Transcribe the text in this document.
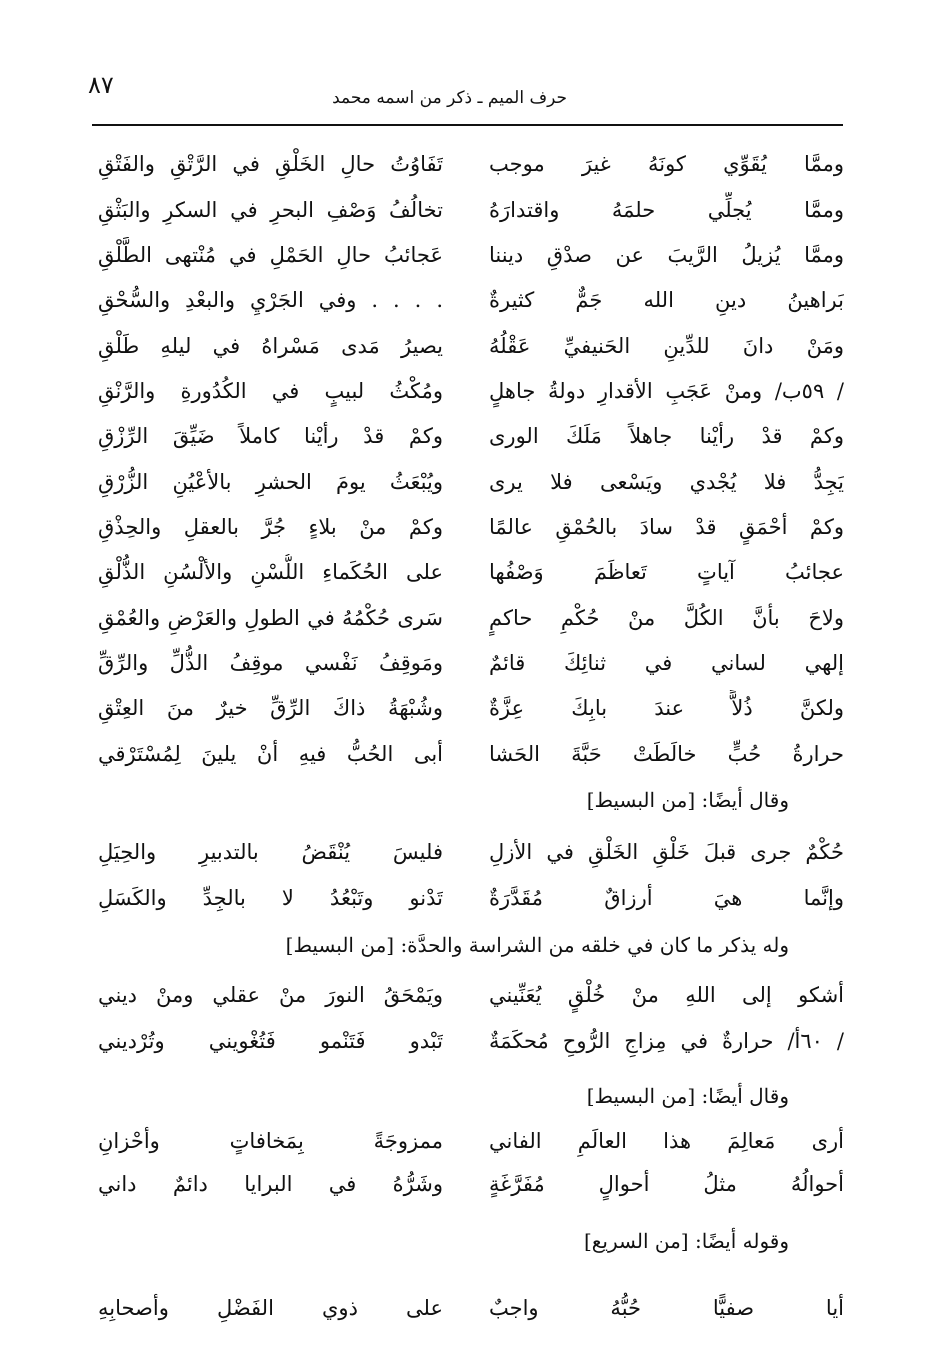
٨٧	حرف الميم ـ ذكر من اسمه محمد
وممَّا يُقَوِّي كونَهُ غيرَ موجب
تَفَاوُتُ حالِ الخَلْقِ في الرَّتْقِ والفَتْقِ
وممَّا يُجلِّي حلمَهُ واقتدارَهُ
تخالُفُ وَصْفِ البحرِ في السكرِ والبَثْقِ
وممَّا يُزيلُ الرَّيبَ عن صدْقِ ديننا
عَجائبُ حالِ الحَمْلِ في مُنْتهى الطَّلْقِ
بَراهينُ دينِ الله جَمٌّ كثيرةٌ
. . . . وفي الجَرْيِ والبعْدِ والسُّحْقِ
ومَنْ دانَ للدِّينِ الحَنيفيِّ عَقْلُهُ
يصيرُ مَدى مَسْراهُ في ليلهِ طَلْقِ
/ ٥٩ب/ ومنْ عَجَبِ الأقدارِ دولةُ جاهلٍ
ومُكْثُ لبيبٍ في الكُدُورةِ والرَّنْقِ
وكمْ قدْ رأيْنا جاهلاً مَلَكَ الورى
وكمْ قدْ رأيْنا كاملاً ضَيِّقَ الرِّزْقِ
يَجِدُّ فلا يُجْدي ويَسْعى فلا يرى
ويُبْعَثُ يومَ الحشرِ بالأعْيُنِ الزُّرْقِ
وكمْ أحْمَقٍ قدْ سادَ بالحُمْقِ عالمًا
وكمْ منْ بلاءٍ جُرَّ بالعقلِ والحِذْقِ
عجائبُ آياتٍ تَعاظَمَ وَصْفُها
على الحُكَماءِ اللُّسْنِ والألْسُنِ الذُّلْقِ
ولاحَ بأنَّ الكُلَّ منْ حُكْمِ حاكمٍ
سَرى حُكْمُهُ في الطولِ والعَرْضِ والعُمْقِ
إلهي لساني في ثنائِكَ قائمٌ
ومَوقِفُ نَفْسي موقِفُ الذُّلِّ والرِّقِّ
ولكنَّ ذُلاًّ عندَ بابِكَ عِزَّةٌ
وشُبْهَةُ ذاكَ الرِّقِّ خيرٌ منَ العِتْقِ
حرارةُ حُبٍّ خالَطَتْ حَبَّةَ الحَشا
أبى الحُبُّ فيهِ أنْ يلينَ لِمُسْتَرْقي
وقال أيضًا: [من البسيط]
حُكْمٌ جرى قبلَ خَلْقِ الخَلْقِ في الأزلِ
فليسَ يُنْقَضُ بالتدبيرِ والحِيَلِ
وإنَّما هيَ أرزاقٌ مُقَدَّرَةٌ
تَدْنو وتَبْعُدُ لا بالجِدِّ والكَسَلِ
وله يذكر ما كان في خلقه من الشراسة والحدَّة: [من البسيط]
أشكو إلى اللهِ منْ خُلْقٍ يُعَنِّيني
ويَمْحَقُ النورَ منْ عقلي ومنْ ديني
/ ٦٠أ/ حرارةٌ في مِزاجِ الرُّوحِ مُحكَمَةٌ
تَبْدو فَتَنْمو فَتُغْويني وتُرْديني
وقال أيضًا: [من البسيط]
أرى مَعالِمَ هذا العالَمِ الفاني
ممزوجَةً بِمَخافاتٍ وأحْزانِ
أحوالُهُ مثلُ أحوالٍ مُفَرَّغَةٍ
وشَرُّهُ في البرايا دائمٌ داني
وقوله أيضًا: [من السريع]
أيا صفيًّا حُبُّهُ واجبٌ
على ذوي الفَضْلِ وأصحابِهِ
